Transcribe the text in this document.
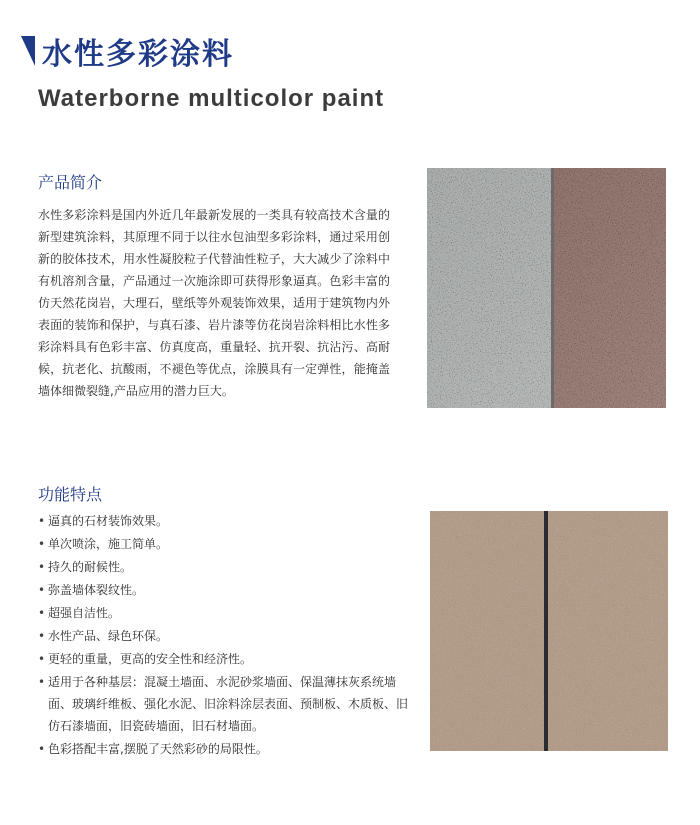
水性多彩涂料
Waterborne multicolor paint
产品简介

水性多彩涂料是国内外近几年最新发展的一类具有较高技术含量的新型建筑涂料，其原理不同于以往水包油型多彩涂料，通过采用创新的胶体技术，用水性凝胶粒子代替油性粒子，大大减少了涂料中有机溶剂含量，产品通过一次施涂即可获得形象逼真。色彩丰富的仿天然花岗岩，大理石，壁纸等外观装饰效果，适用于建筑物内外表面的装饰和保护，与真石漆、岩片漆等仿花岗岩涂料相比水性多彩涂料具有色彩丰富、仿真度高，重量轻、抗开裂、抗沾污、高耐候，抗老化、抗酸雨，不褪色等优点，涂膜具有一定弹性，能掩盖墙体细微裂缝,产品应用的潜力巨大。

功能特点
• 逼真的石材装饰效果。
• 单次喷涂，施工简单。
• 持久的耐候性。
• 弥盖墙体裂纹性。
• 超强自洁性。
• 水性产品、绿色环保。
• 更轻的重量，更高的安全性和经济性。
• 适用于各种基层：混凝土墙面、水泥砂浆墙面、保温薄抹灰系统墙面、玻璃纤维板、强化水泥、旧涂料涂层表面、预制板、木质板、旧仿石漆墙面，旧瓷砖墙面，旧石材墙面。
• 色彩搭配丰富,摆脱了天然彩砂的局限性。
